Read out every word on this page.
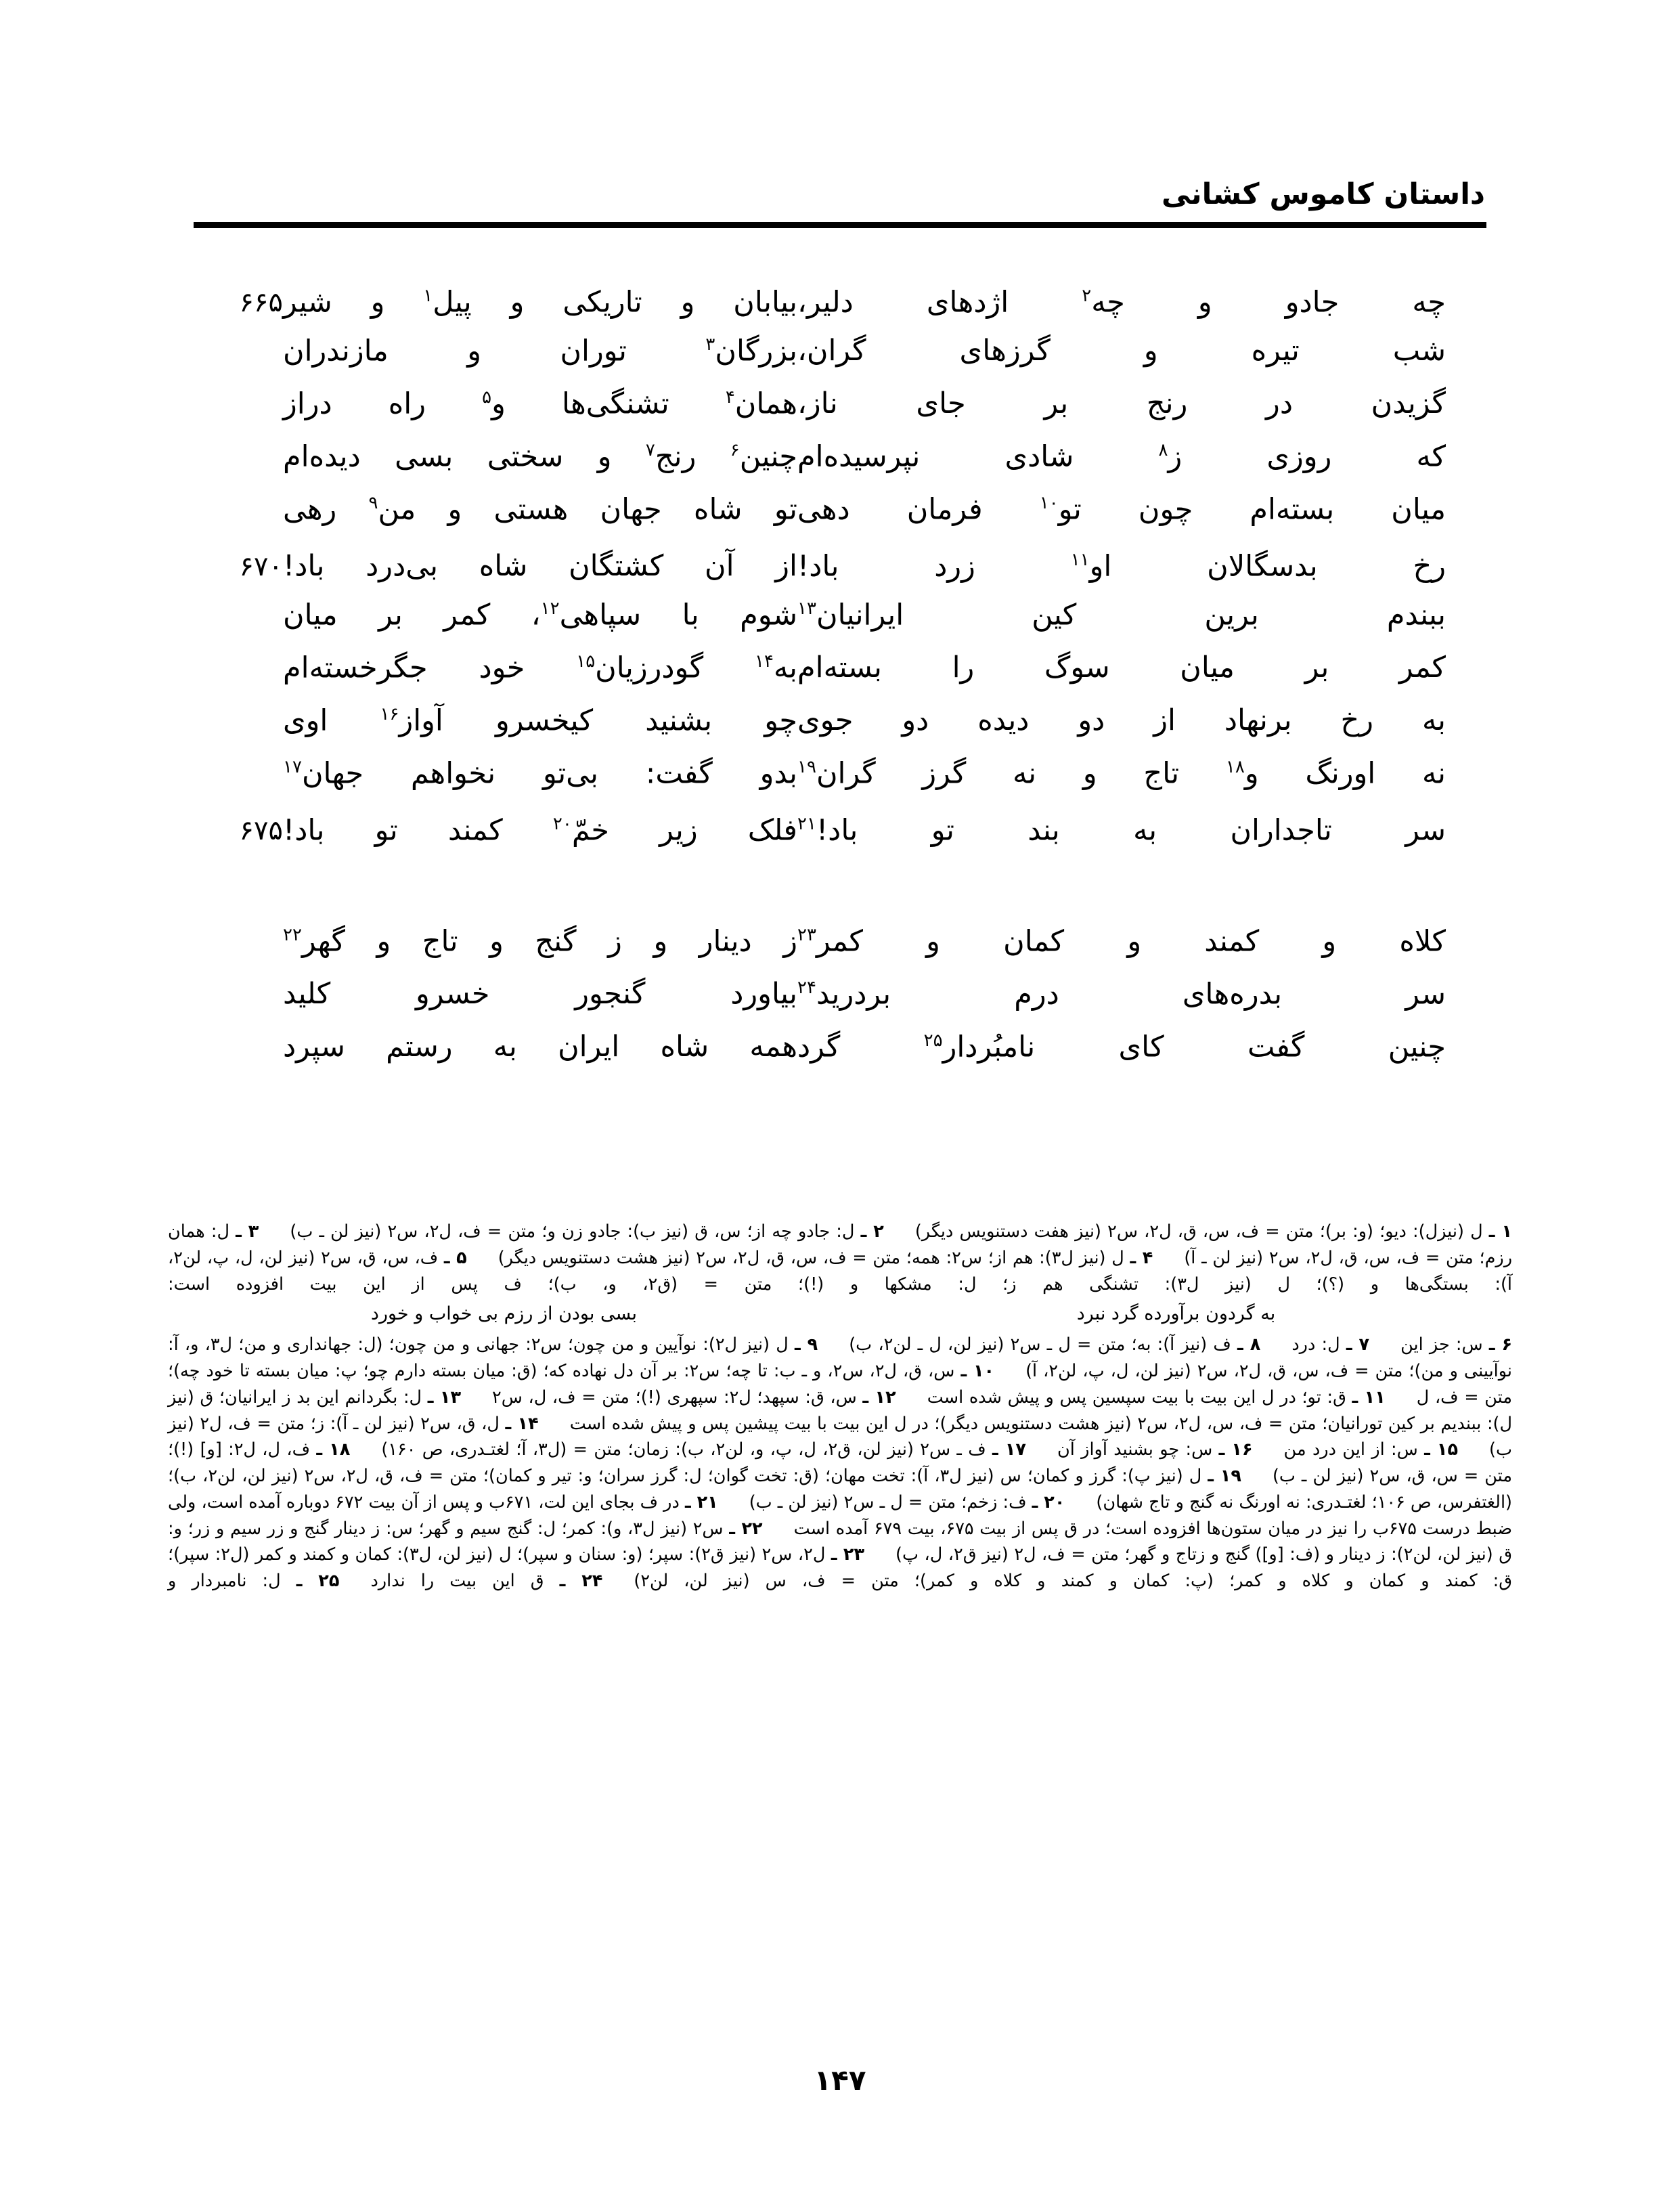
داستان کاموس کشانی
چه جادو و چه$^۲$ اژدهای دلیر،
بیابان و تاریکی و پیل$^۱$ و شیر
۶۶۵
شب تیره و گرزهای گران،
بزرگان$^۳$ توران و مازندران
گزیدن در رنج بر جای ناز،
همان$^۴$ تشنگی‌ها و$^۵$ راه دراز
که روزی ز$^۸$ شادی نپرسیده‌ام
چنین$^۶$ رنج$^۷$ و سختی بسی دیده‌ام
میان بسته‌ام چون تو$^{۱۰}$ فرمان دهی
تو شاه جهان هستی و من$^۹$ رهی
رخ بدسگالان او$^{۱۱}$ زرد باد!
از آن کشتگان شاه بی‌درد باد!
۶۷۰
ببندم برین کین ایرانیان$^{۱۳}$
شوم با سپاهی$^{۱۲}$، کمر بر میان
کمر بر میان سوگ را بسته‌ام
به$^{۱۴}$ گودرزیان$^{۱۵}$ خود جگرخسته‌ام
به رخ برنهاد از دو دیده دو جوی
چو بشنید کیخسرو آواز$^{۱۶}$ اوی
نه اورنگ و$^{۱۸}$ تاج و نه گرز گران$^{۱۹}$
بدو گفت: بی‌تو نخواهم جهان$^{۱۷}$
سر تاجداران به بند تو باد!$^{۲۱}$
فلک زیر خمّ$^{۲۰}$ کمند تو باد!
۶۷۵
کلاه و کمند و کمان و کمر$^{۲۳}$
ز دینار و ز گنج و تاج و گهر$^{۲۲}$
سر بدره‌های درم بردرید$^{۲۴}$
بیاورد گنجور خسرو کلید
چنین گفت کای نامبُردار$^{۲۵}$ گرد
همه شاه ایران به رستم سپرد

۱ ـ ل (نیز‌ل): دیو؛ (و: بر)؛ متن = ف، س، ق، ل۲، س۲ (نیز هفت دستنویس دیگر)۲ ـ ل: جادو چه از؛ س، ق (نیز ب): جادو زن و؛ متن = ف، ل۲، س۲ (نیز لن ـ ب)۳ ـ ل: همان رزم؛ متن = ف، س، ق، ل۲، س۲ (نیز لن ـ آ)۴ ـ ل (نیز ل۳): هم از؛ س۲: همه؛ متن = ف، س، ق، ل۲، س۲ (نیز هشت دستنویس دیگر)۵ ـ ف، س، ق، س۲ (نیز لن، ل، پ، لن۲، آ): بستگی‌ها و (؟)؛ ل (نیز ل۳): تشنگی هم ز؛ ل: مشکها و (!)؛ متن = (ق۲، و، ب)؛ ف پس از این بیت افزوده است:

به گردون برآورده گرد نبرد
بسی بودن از رزم بی خواب و خورد

۶ ـ س: جز این۷ ـ ل: درد۸ ـ ف (نیز آ): به؛ متن = ل ـ س۲ (نیز لن، ل ـ لن۲، ب)۹ ـ ل (نیز ل۲): نوآیین و من چون؛ س۲: جهانی و من چون؛ (ل: جهانداری و من؛ ل۳، و، آ: نوآیینی و من)؛ متن = ف، س، ق، ل۲، س۲ (نیز لن، ل، پ، لن۲، آ)۱۰ ـ س، ق، ل۲، س۲، و ـ ب: تا چه؛ س۲: بر آن دل نهاده که؛ (ق: میان بسته دارم چو؛ پ: میان بسته تا خود چه)؛ متن = ف، ل۱۱ ـ ق: تو؛ در ل این بیت با بیت سپسین پس و پیش شده است۱۲ ـ س، ق: سپهد؛ ل۲: سپهری (!)؛ متن = ف، ل، س۲۱۳ ـ ل: بگردانم این بد ز ایرانیان؛ ق (نیز ل): ببندیم بر کین تورانیان؛ متن = ف، س، ل۲، س۲ (نیز هشت دستنویس دیگر)؛ در ل این بیت با بیت پیشین پس و پیش شده است۱۴ ـ ل، ق، س۲ (نیز لن ـ آ): ز؛ متن = ف، ل۲ (نیز ب)۱۵ ـ س: از این درد من۱۶ ـ س: چو بشنید آواز آن۱۷ ـ ف ـ س۲ (نیز لن، ق۲، ل، پ، و، لن۲، ب): زمان؛ متن = (ل۳، آ؛ لغتـدری، ص ۱۶۰)۱۸ ـ ف، ل، ل۲: [و] (!)؛ متن = س، ق، س۲ (نیز لن ـ ب)۱۹ ـ ل (نیز پ): گرز و کمان؛ س (نیز ل۳، آ): تخت مهان؛ (ق: تخت گوان؛ ل: گرز سران؛ و: تیر و کمان)؛ متن = ف، ق، ل۲، س۲ (نیز لن، لن۲، ب)؛ (الغتفرس، ص ۱۰۶؛ لغتـدری: نه اورنگ نه گنج و تاج شهان)۲۰ ـ ف: زخم؛ متن = ل ـ س۲ (نیز لن ـ ب)۲۱ ـ در ف بجای این لت، ۶۷۱ب و پس از آن بیت ۶۷۲ دوباره آمده است، ولی ضبط درست ۶۷۵ب را نیز در میان ستون‌ها افزوده است؛ در ق پس از بیت ۶۷۵، بیت ۶۷۹ آمده است۲۲ ـ س۲ (نیز ل۳، و): کمر؛ ل: گنج سیم و گهر؛ س: ز دینار گنج و زر سیم و زر؛ و: ق (نیز لن، لن۲): ز دینار و (ف: [و]) گنج و زتاج و گهر؛ متن = ف، ل۲ (نیز ق۲، ل، پ)۲۳ ـ ل۲، س۲ (نیز ق۲): سپر؛ (و: سنان و سپر)؛ ل (نیز لن، ل۳): کمان و کمند و کمر (ل۲: سپر)؛ ق: کمند و کمان و کلاه و کمر؛ (پ: کمان و کمند و کلاه و کمر)؛ متن = ف، س (نیز لن، لن۲)۲۴ ـ ق این بیت را ندارد۲۵ ـ ل: نامبردار و

۱۴۷
